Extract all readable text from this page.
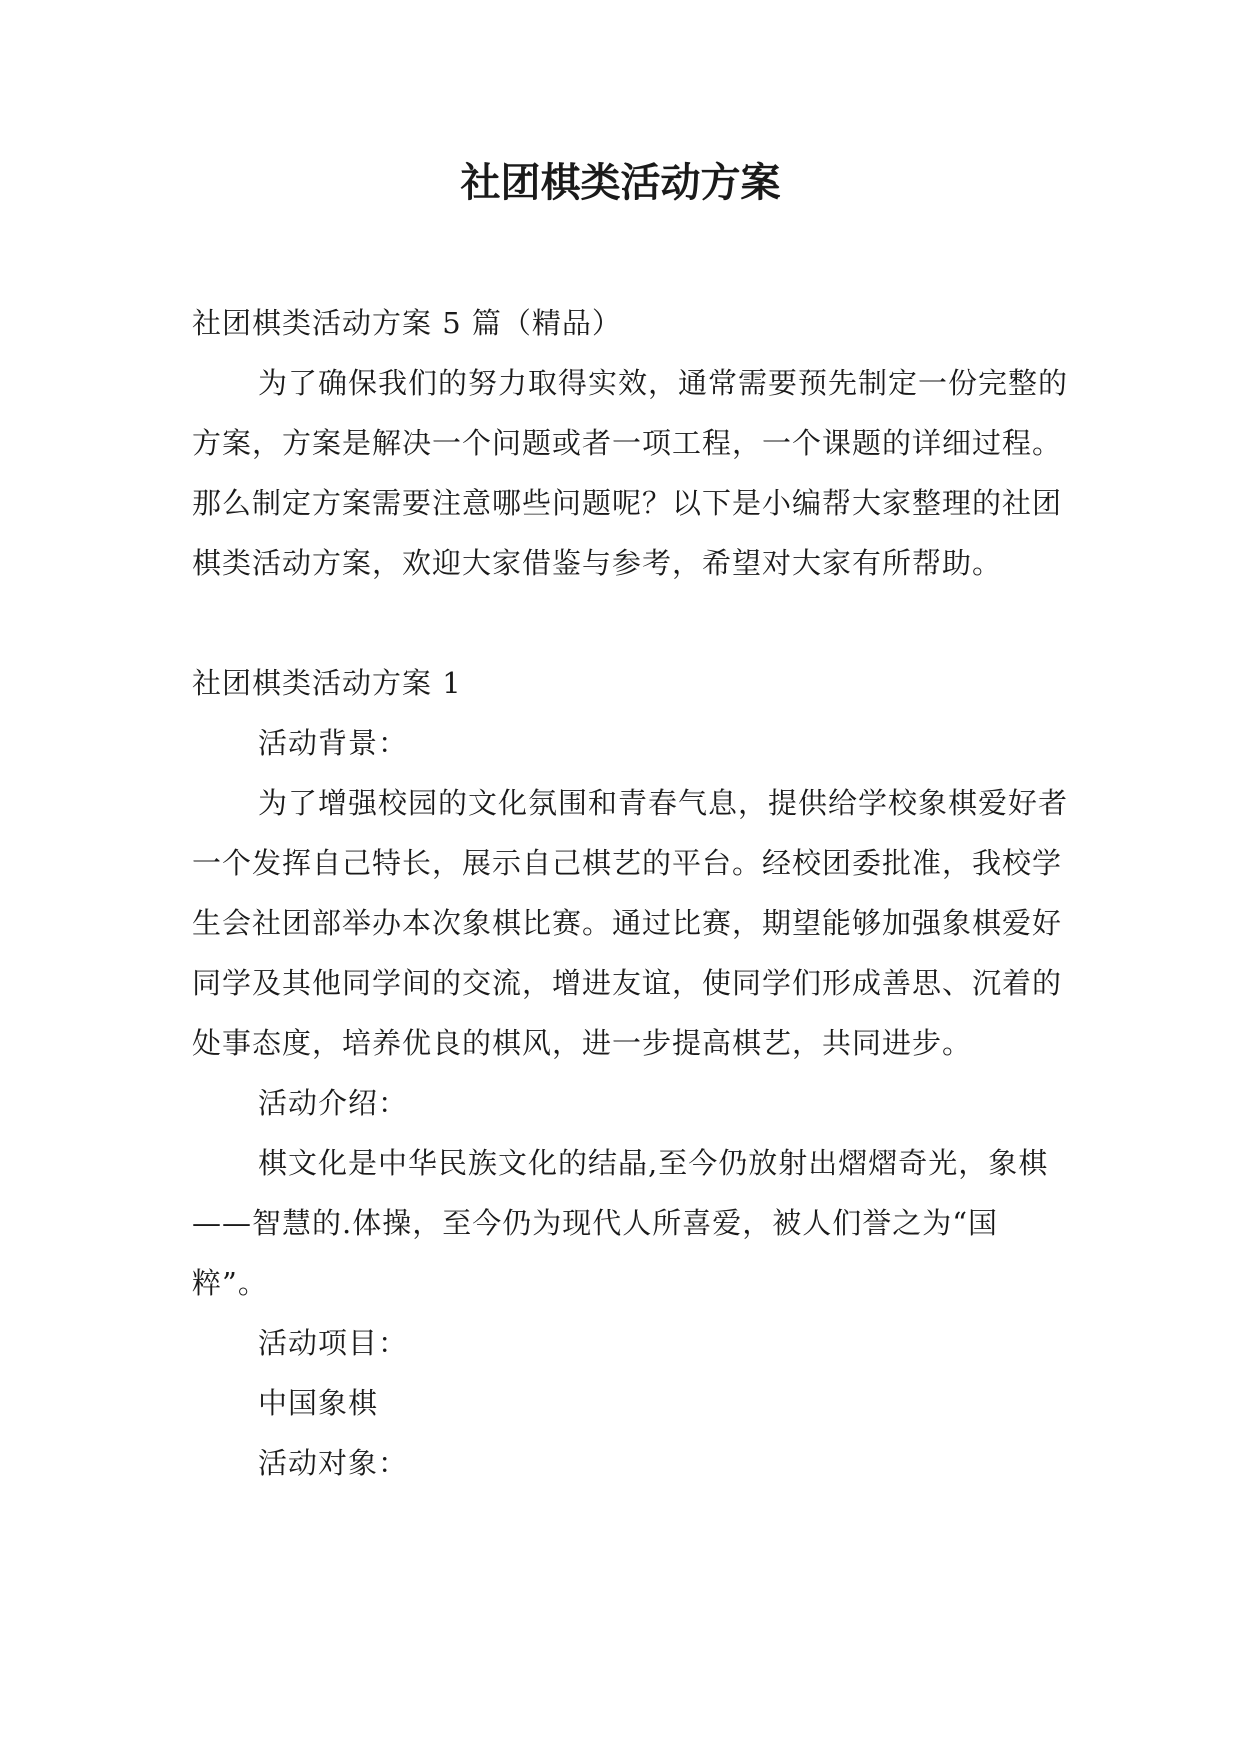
社团棋类活动方案

社团棋类活动方案 5 篇（精品）

为了确保我们的努力取得实效，通常需要预先制定一份完整的方案，方案是解决一个问题或者一项工程，一个课题的详细过程。那么制定方案需要注意哪些问题呢？以下是小编帮大家整理的社团棋类活动方案，欢迎大家借鉴与参考，希望对大家有所帮助。

社团棋类活动方案 1

活动背景：

为了增强校园的文化氛围和青春气息，提供给学校象棋爱好者一个发挥自己特长，展示自己棋艺的平台。经校团委批准，我校学生会社团部举办本次象棋比赛。通过比赛，期望能够加强象棋爱好同学及其他同学间的交流，增进友谊，使同学们形成善思、沉着的处事态度，培养优良的棋风，进一步提高棋艺，共同进步。

活动介绍：

棋文化是中华民族文化的结晶,至今仍放射出熠熠奇光，象棋——智慧的.体操，至今仍为现代人所喜爱，被人们誉之为“国粹”。

活动项目：

中国象棋

活动对象：
